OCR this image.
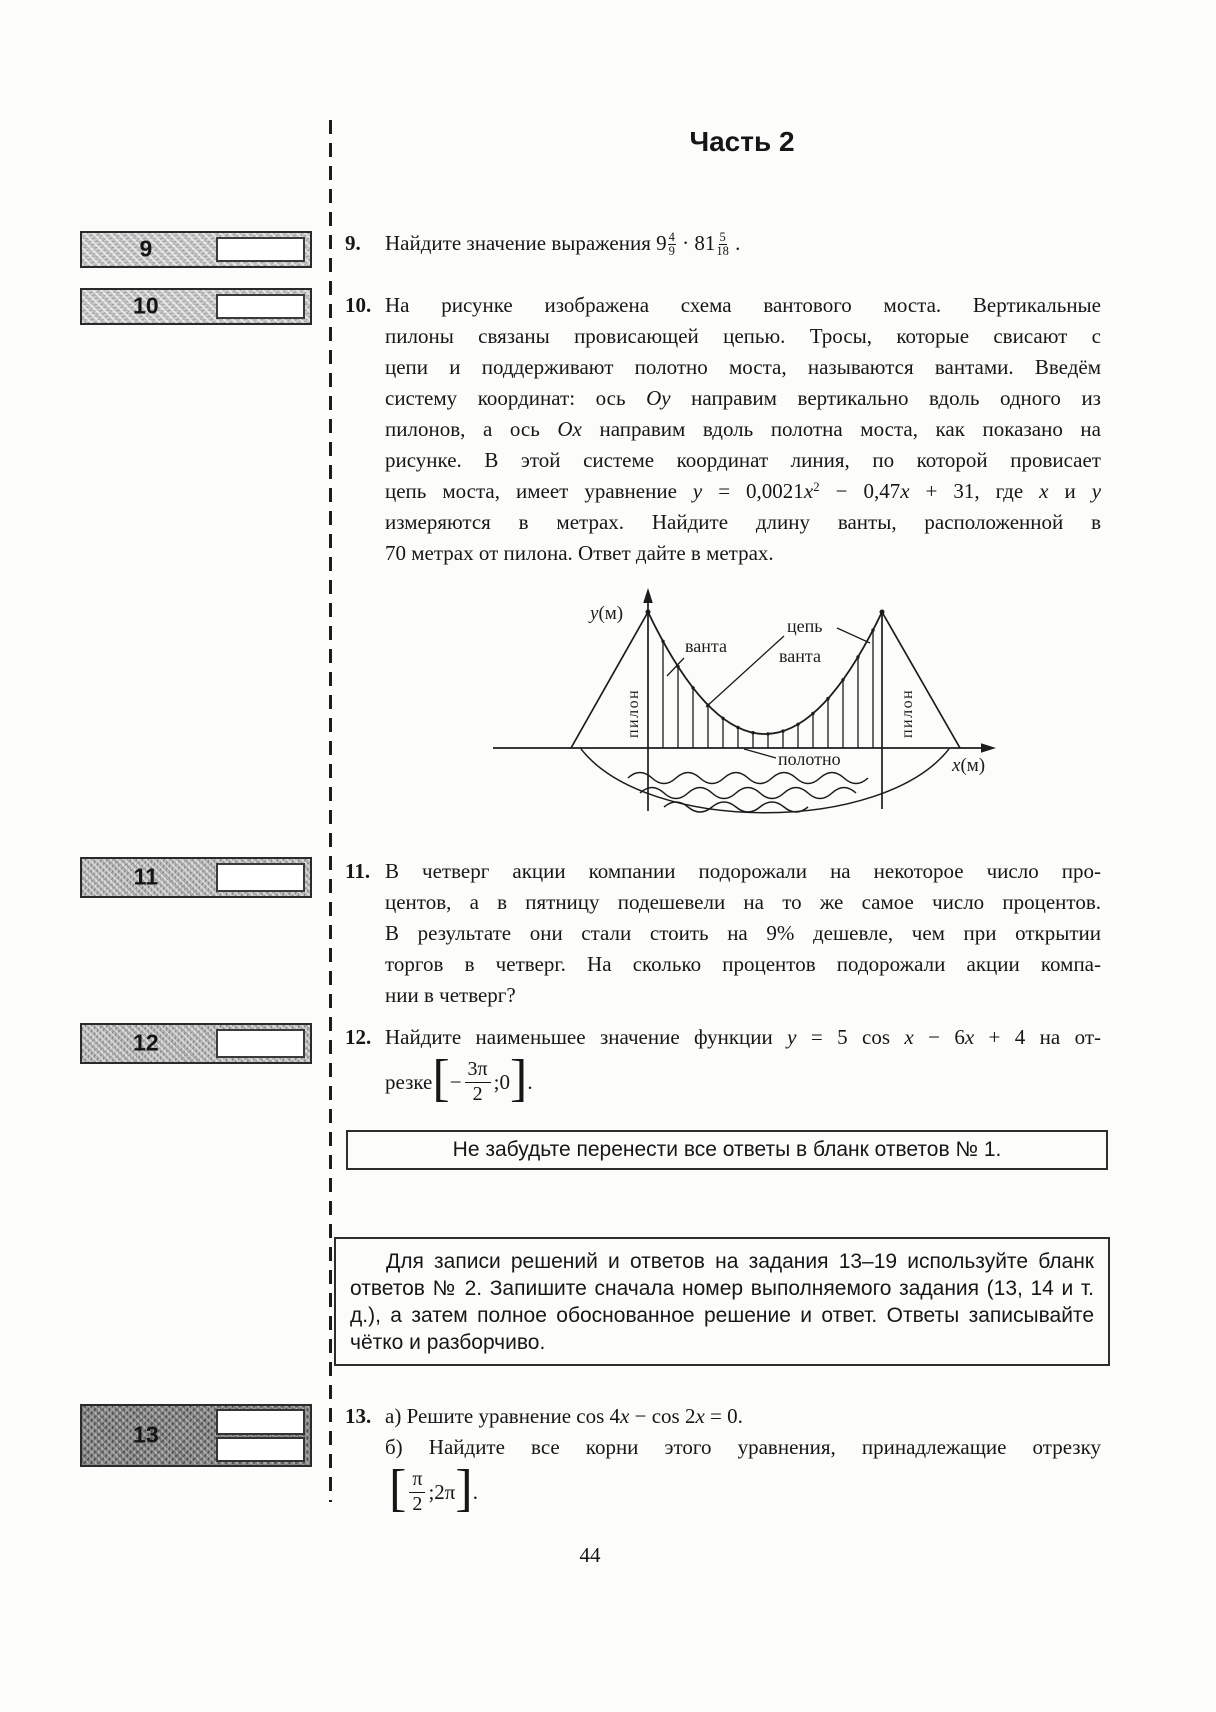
Часть 2
9
10
11
12
13
9.	Найдите значение выражения $9 \frac{4}{9} \cdot 81 \frac{5}{18}$ .
10. На рисунке изображена схема вантового моста. Вертикальные
пилоны связаны провисающей цепью. Тросы, которые свисают с
цепи и поддерживают полотно моста, называются вантами. Введём
систему координат: ось Oy направим вертикально вдоль одного из
пилонов, а ось Ox направим вдоль полотна моста, как показано на
рисунке. В этой системе координат линия, по которой провисает
цепь моста, имеет уравнение $y = 0,0021x^2 - 0,47x + 31$, где x и y
измеряются в метрах. Найдите длину ванты, расположенной в
70 метрах от пилона. Ответ дайте в метрах.
y(м)
x(м)
ванта
цепь
ванта
полотно
пилон	пилон
11. В четверг акции компании подорожали на некоторое число про-
центов, а в пятницу подешевели на то же самое число процентов.
В результате они стали стоить на 9% дешевле, чем при открытии
торгов в четверг. На сколько процентов подорожали акции компа-
нии в четверг?
12. Найдите наименьшее значение функции y = 5 cos x − 6x + 4 на от-
резке [ − $\frac{3\pi}{2}$ ; 0 ] .
Не забудьте перенести все ответы в бланк ответов № 1.
Для записи решений и ответов на задания 13–19 используйте бланк ответов № 2. Запишите сначала номер выполняемого задания (13, 14 и т. д.), а затем полное обоснованное решение и ответ. Ответы записывайте чётко и разборчиво.
13. а) Решите уравнение cos 4x − cos 2x = 0.
б) Найдите все корни этого уравнения, принадлежащие отрезку
[ $\frac{\pi}{2}$ ; 2π ] .
44
